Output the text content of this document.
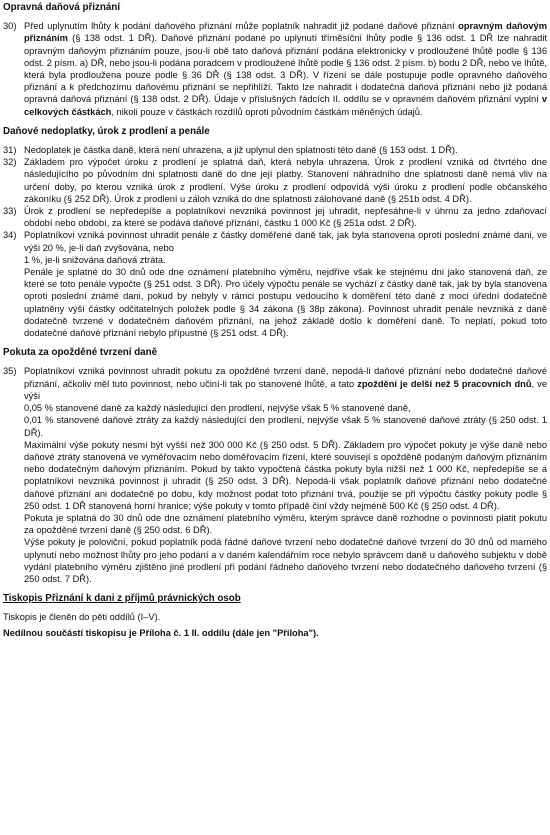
Opravná daňová přiznání
30) Před uplynutím lhůty k podání daňového přiznání může poplatník nahradit již podané daňové přiznání opravným daňovým přiznáním (§ 138 odst. 1 DŘ). Daňové přiznání podané po uplynutí tříměsíční lhůty podle § 136 odst. 1 DŘ lze nahradit opravným daňovým přiznáním pouze, jsou-li obě tato daňová přiznání podána elektronicky v prodloužené lhůtě podle § 136 odst. 2 písm. a) DŘ, nebo jsou-li podána poradcem v prodloužené lhůtě podle § 136 odst. 2 písm. b) bodu 2 DŘ, nebo ve lhůtě, která byla prodloužena pouze podle § 36 DŘ (§ 138 odst. 3 DŘ). V řízení se dále postupuje podle opravného daňového přiznání a k předchozímu daňovému přiznání se nepřihlíží. Takto lze nahradit i dodatečná daňová přiznání nebo již podaná opravná daňová přiznání (§ 138 odst. 2 DŘ). Údaje v příslušných řádcích II. oddílu se v opravném daňovém přiznání vyplní v celkových částkách, nikoli pouze v částkách rozdílů oproti původním částkám měněných údajů.
Daňové nedoplatky, úrok z prodlení a penále
31) Nedoplatek je částka daně, která není uhrazena, a již uplynul den splatnosti této daně (§ 153 odst. 1 DŘ).
32) Základem pro výpočet úroku z prodlení je splatná daň, která nebyla uhrazena. Úrok z prodlení vzniká od čtvrtého dne následujícího po původním dni splatnosti daně do dne její platby. Stanovení náhradního dne splatnosti daně nemá vliv na určení doby, po kterou vzniká úrok z prodlení. Výše úroku z prodlení odpovídá výši úroku z prodlení podle občanského zákoníku (§ 252 DŘ). Úrok z prodlení u záloh vzniká do dne splatnosti zálohované daně (§ 251b odst. 4 DŘ).
33) Úrok z prodlení se nepředepíše a poplatníkovi nevzniká povinnost jej uhradit, nepřesáhne-li v úhrnu za jedno zdaňovací období nebo období, za které se podává daňové přiznání, částku 1 000 Kč (§ 251a odst. 2 DŘ).
34) Poplatníkovi vzniká povinnost uhradit penále z částky doměřené daně tak, jak byla stanovena oproti poslední známé dani, ve výši 20 %, je-li daň zvyšována, nebo
1 %, je-li snižována daňová ztráta.
Penále je splatné do 30 dnů ode dne oznámení platebního výměru, nejdříve však ke stejnému dni jako stanovená daň, ze které se toto penále vypočte (§ 251 odst. 3 DŘ). Pro účely výpočtu penále se vychází z částky daně tak, jak by byla stanovena oproti poslední známé dani, pokud by nebyly v rámci postupu vedoucího k doměření této daně z moci úřední dodatečně uplatněny výší částky odčitatelných položek podle § 34 zákona (§ 38p zákona). Povinnost uhradit penále nevzniká z daně dodatečně tvrzené v dodatečném daňovém přiznání, na jehož základě došlo k doměření daně. To neplatí, pokud toto dodatečné daňové přiznání nebylo přípustné (§ 251 odst. 4 DŘ).
Pokuta za opožděné tvrzení daně
35) Poplatníkovi vzniká povinnost uhradit pokutu za opožděné tvrzení daně, nepodá-li daňové přiznání nebo dodatečné daňové přiznání, ačkoliv měl tuto povinnost, nebo učiní-li tak po stanovené lhůtě, a tato zpoždění je delší než 5 pracovních dnů, ve výši
0,05 % stanovené daně za každý následující den prodlení, nejvýše však 5 % stanovené daně,
0,01 % stanovené daňové ztráty za každý následující den prodlení, nejvýše však 5 % stanovené daňové ztráty (§ 250 odst. 1 DŘ).
Maximální výše pokuty nesmí být vyšší než 300 000 Kč (§ 250 odst. 5 DŘ). Základem pro výpočet pokuty je výše daně nebo daňové ztráty stanovená ve vyměřovacím nebo doměřovacím řízení, které souvisejí s opožděně podaným daňovým přiznáním nebo dodatečným daňovým přiznáním. Pokud by takto vypočtená částka pokuty byla nižší než 1 000 Kč, nepředepíše se a poplatníkovi nevzniká povinnost ji uhradit (§ 250 odst. 3 DŘ). Nepodá-li však poplatník daňové přiznání nebo dodatečné daňové přiznání ani dodatečně po dobu, kdy možnost podat toto přiznání trvá, použije se při výpočtu částky pokuty podle § 250 odst. 1 DŘ stanovená horní hranice; výše pokuty v tomto případě činí vždy nejméně 500 Kč (§ 250 odst. 4 DŘ).
Pokuta je splatná do 30 dnů ode dne oznámení platebního výměru, kterým správce daně rozhodne o povinnosti platit pokutu za opožděné tvrzení daně (§ 250 odst. 6 DŘ).
Výše pokuty je poloviční, pokud poplatník podá řádné daňové tvrzení nebo dodatečné daňové tvrzení do 30 dnů od marného uplynutí nebo možnost lhůty pro jeho podání a v daném kalendářním roce nebylo správcem daně u daňového subjektu v době vydání platebního výměru zjištěno jiné prodlení při podání řádného daňového tvrzení nebo dodatečného daňového tvrzení (§ 250 odst. 7 DŘ).
Tiskopis Přiznání k dani z příjmů právnických osob

Tiskopis je členěn do pěti oddílů (I–V).

Nedílnou součástí tiskopisu je Příloha č. 1 II. oddílu (dále jen "Příloha").
